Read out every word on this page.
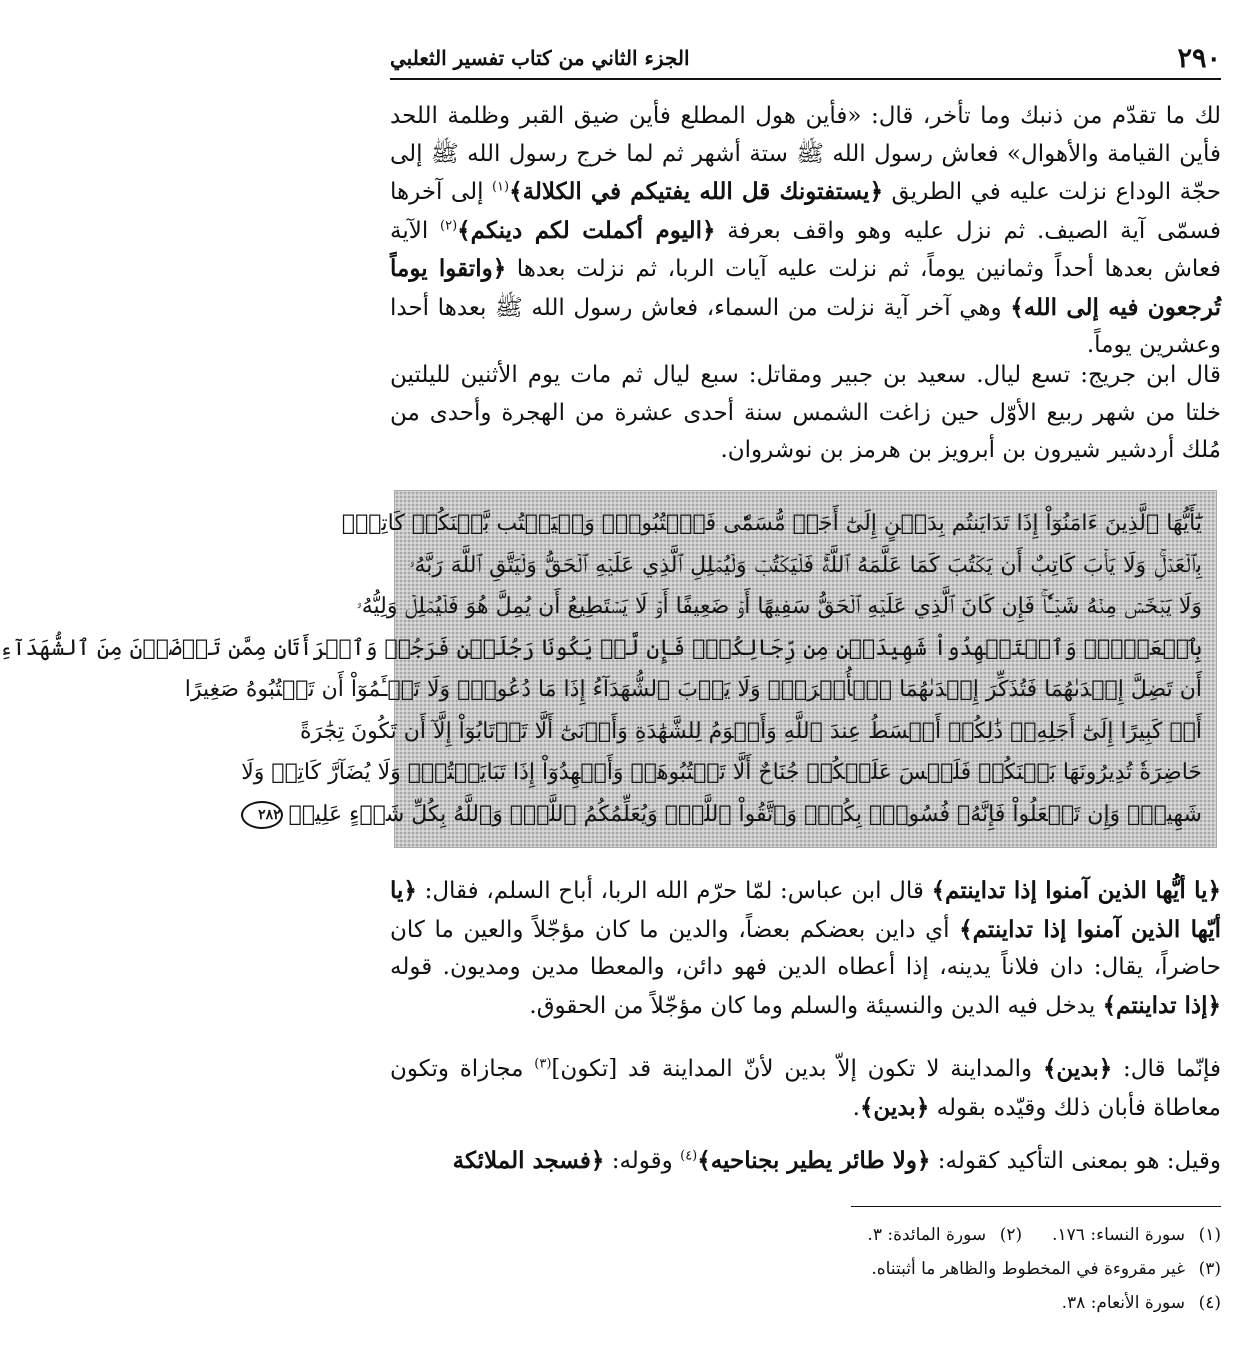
٢٩٠
الجزء الثاني من كتاب تفسير الثعلبي

لك ما تقدّم من ذنبك وما تأخر، قال: «فأين هول المطلع فأين ضيق القبر وظلمة اللحد فأين القيامة والأهوال» فعاش رسول الله ﷺ ستة أشهر ثم لما خرج رسول الله ﷺ إلى حجّة الوداع نزلت عليه في الطريق ﴿يستفتونك قل الله يفتيكم في الكلالة﴾$^{(١)}$ إلى آخرها فسمّى آية الصيف. ثم نزل عليه وهو واقف بعرفة ﴿اليوم أكملت لكم دينكم﴾$^{(٢)}$ الآية فعاش بعدها أحداً وثمانين يوماً، ثم نزلت عليه آيات الربا، ثم نزلت بعدها ﴿واتقوا يوماً تُرجعون فيه إلى الله﴾ وهي آخر آية نزلت من السماء، فعاش رسول الله ﷺ بعدها أحدا وعشرين يوماً.

قال ابن جريج: تسع ليال. سعيد بن جبير ومقاتل: سبع ليال ثم مات يوم الأثنين لليلتين خلتا من شهر ربيع الأوّل حين زاغت الشمس سنة أحدى عشرة من الهجرة وأحدى من مُلك أردشير شيرون بن أبرويز بن هرمز بن نوشروان.

يَٰٓأَيُّهَا ٱلَّذِينَ ءَامَنُوٓاْ إِذَا تَدَايَنتُم بِدَيۡنٍ إِلَىٰٓ أَجَلٖ مُّسَمّٗى فَٱكۡتُبُوهُۚ وَلۡيَكۡتُب بَّيۡنَكُمۡ كَاتِبُۢ
بِٱلۡعَدۡلِۚ وَلَا يَأۡبَ كَاتِبٌ أَن يَكۡتُبَ كَمَا عَلَّمَهُ ٱللَّهُۚ فَلۡيَكۡتُبۡ وَلۡيُمۡلِلِ ٱلَّذِي عَلَيۡهِ ٱلۡحَقُّ وَلۡيَتَّقِ ٱللَّهَ رَبَّهُۥ
وَلَا يَبۡخَسۡ مِنۡهُ شَيۡـٔٗاۚ فَإِن كَانَ ٱلَّذِي عَلَيۡهِ ٱلۡحَقُّ سَفِيهًا أَوۡ ضَعِيفًا أَوۡ لَا يَسۡتَطِيعُ أَن يُمِلَّ هُوَ فَلۡيُمۡلِلۡ وَلِيُّهُۥ
بِٱلۡعَدۡلِۚ وَٱسۡتَشۡهِدُواْ شَهِيدَيۡنِ مِن رِّجَالِكُمۡۖ فَإِن لَّمۡ يَكُونَا رَجُلَيۡنِ فَرَجُلٞ وَٱمۡرَأَتَانِ مِمَّن تَرۡضَوۡنَ مِنَ ٱلشُّهَدَآءِ
أَن تَضِلَّ إِحۡدَىٰهُمَا فَتُذَكِّرَ إِحۡدَىٰهُمَا ٱلۡأُخۡرَىٰۚ وَلَا يَأۡبَ ٱلشُّهَدَآءُ إِذَا مَا دُعُواْۚ وَلَا تَسۡـَٔمُوٓاْ أَن تَكۡتُبُوهُ صَغِيرًا
أَوۡ كَبِيرًا إِلَىٰٓ أَجَلِهِۦۚ ذَٰلِكُمۡ أَقۡسَطُ عِندَ ٱللَّهِ وَأَقۡوَمُ لِلشَّهَٰدَةِ وَأَدۡنَىٰٓ أَلَّا تَرۡتَابُوٓاْ إِلَّآ أَن تَكُونَ تِجَٰرَةً
حَاضِرَةٗ تُدِيرُونَهَا بَيۡنَكُمۡ فَلَيۡسَ عَلَيۡكُمۡ جُنَاحٌ أَلَّا تَكۡتُبُوهَاۗ وَأَشۡهِدُوٓاْ إِذَا تَبَايَعۡتُمۡۚ وَلَا يُضَآرَّ كَاتِبٞ وَلَا
شَهِيدٞۚ وَإِن تَفۡعَلُواْ فَإِنَّهُۥ فُسُوقُۢ بِكُمۡۗ وَٱتَّقُواْ ٱللَّهَۖ وَيُعَلِّمُكُمُ ٱللَّهُۗ وَٱللَّهُ بِكُلِّ شَيۡءٍ عَلِيمٞ٢٨٢

﴿يا أيُّها الذين آمنوا إذا تداينتم﴾ قال ابن عباس: لمّا حرّم الله الربا، أباح السلم، فقال: ﴿يا أيّها الذين آمنوا إذا تداينتم﴾ أي داين بعضكم بعضاً، والدين ما كان مؤجّلاً والعين ما كان حاضراً، يقال: دان فلاناً يدينه، إذا أعطاه الدين فهو دائن، والمعطا مدين ومديون. قوله ﴿إذا تداينتم﴾ يدخل فيه الدين والنسيئة والسلم وما كان مؤجّلاً من الحقوق.

فإنّما قال: ﴿بدين﴾ والمداينة لا تكون إلاّ بدين لأنّ المداينة قد [تكون]$^{(٣)}$ مجازاة وتكون معاطاة فأبان ذلك وقيّده بقوله ﴿بدين﴾.

وقيل: هو بمعنى التأكيد كقوله: ﴿ولا طائر يطير بجناحيه﴾$^{(٤)}$ وقوله: ﴿فسجد الملائكة

(١)سورة النساء: ١٧٦.
(٢)سورة المائدة: ٣.
(٣)غير مقروءة في المخطوط والظاهر ما أثبتناه.
(٤)سورة الأنعام: ٣٨.
